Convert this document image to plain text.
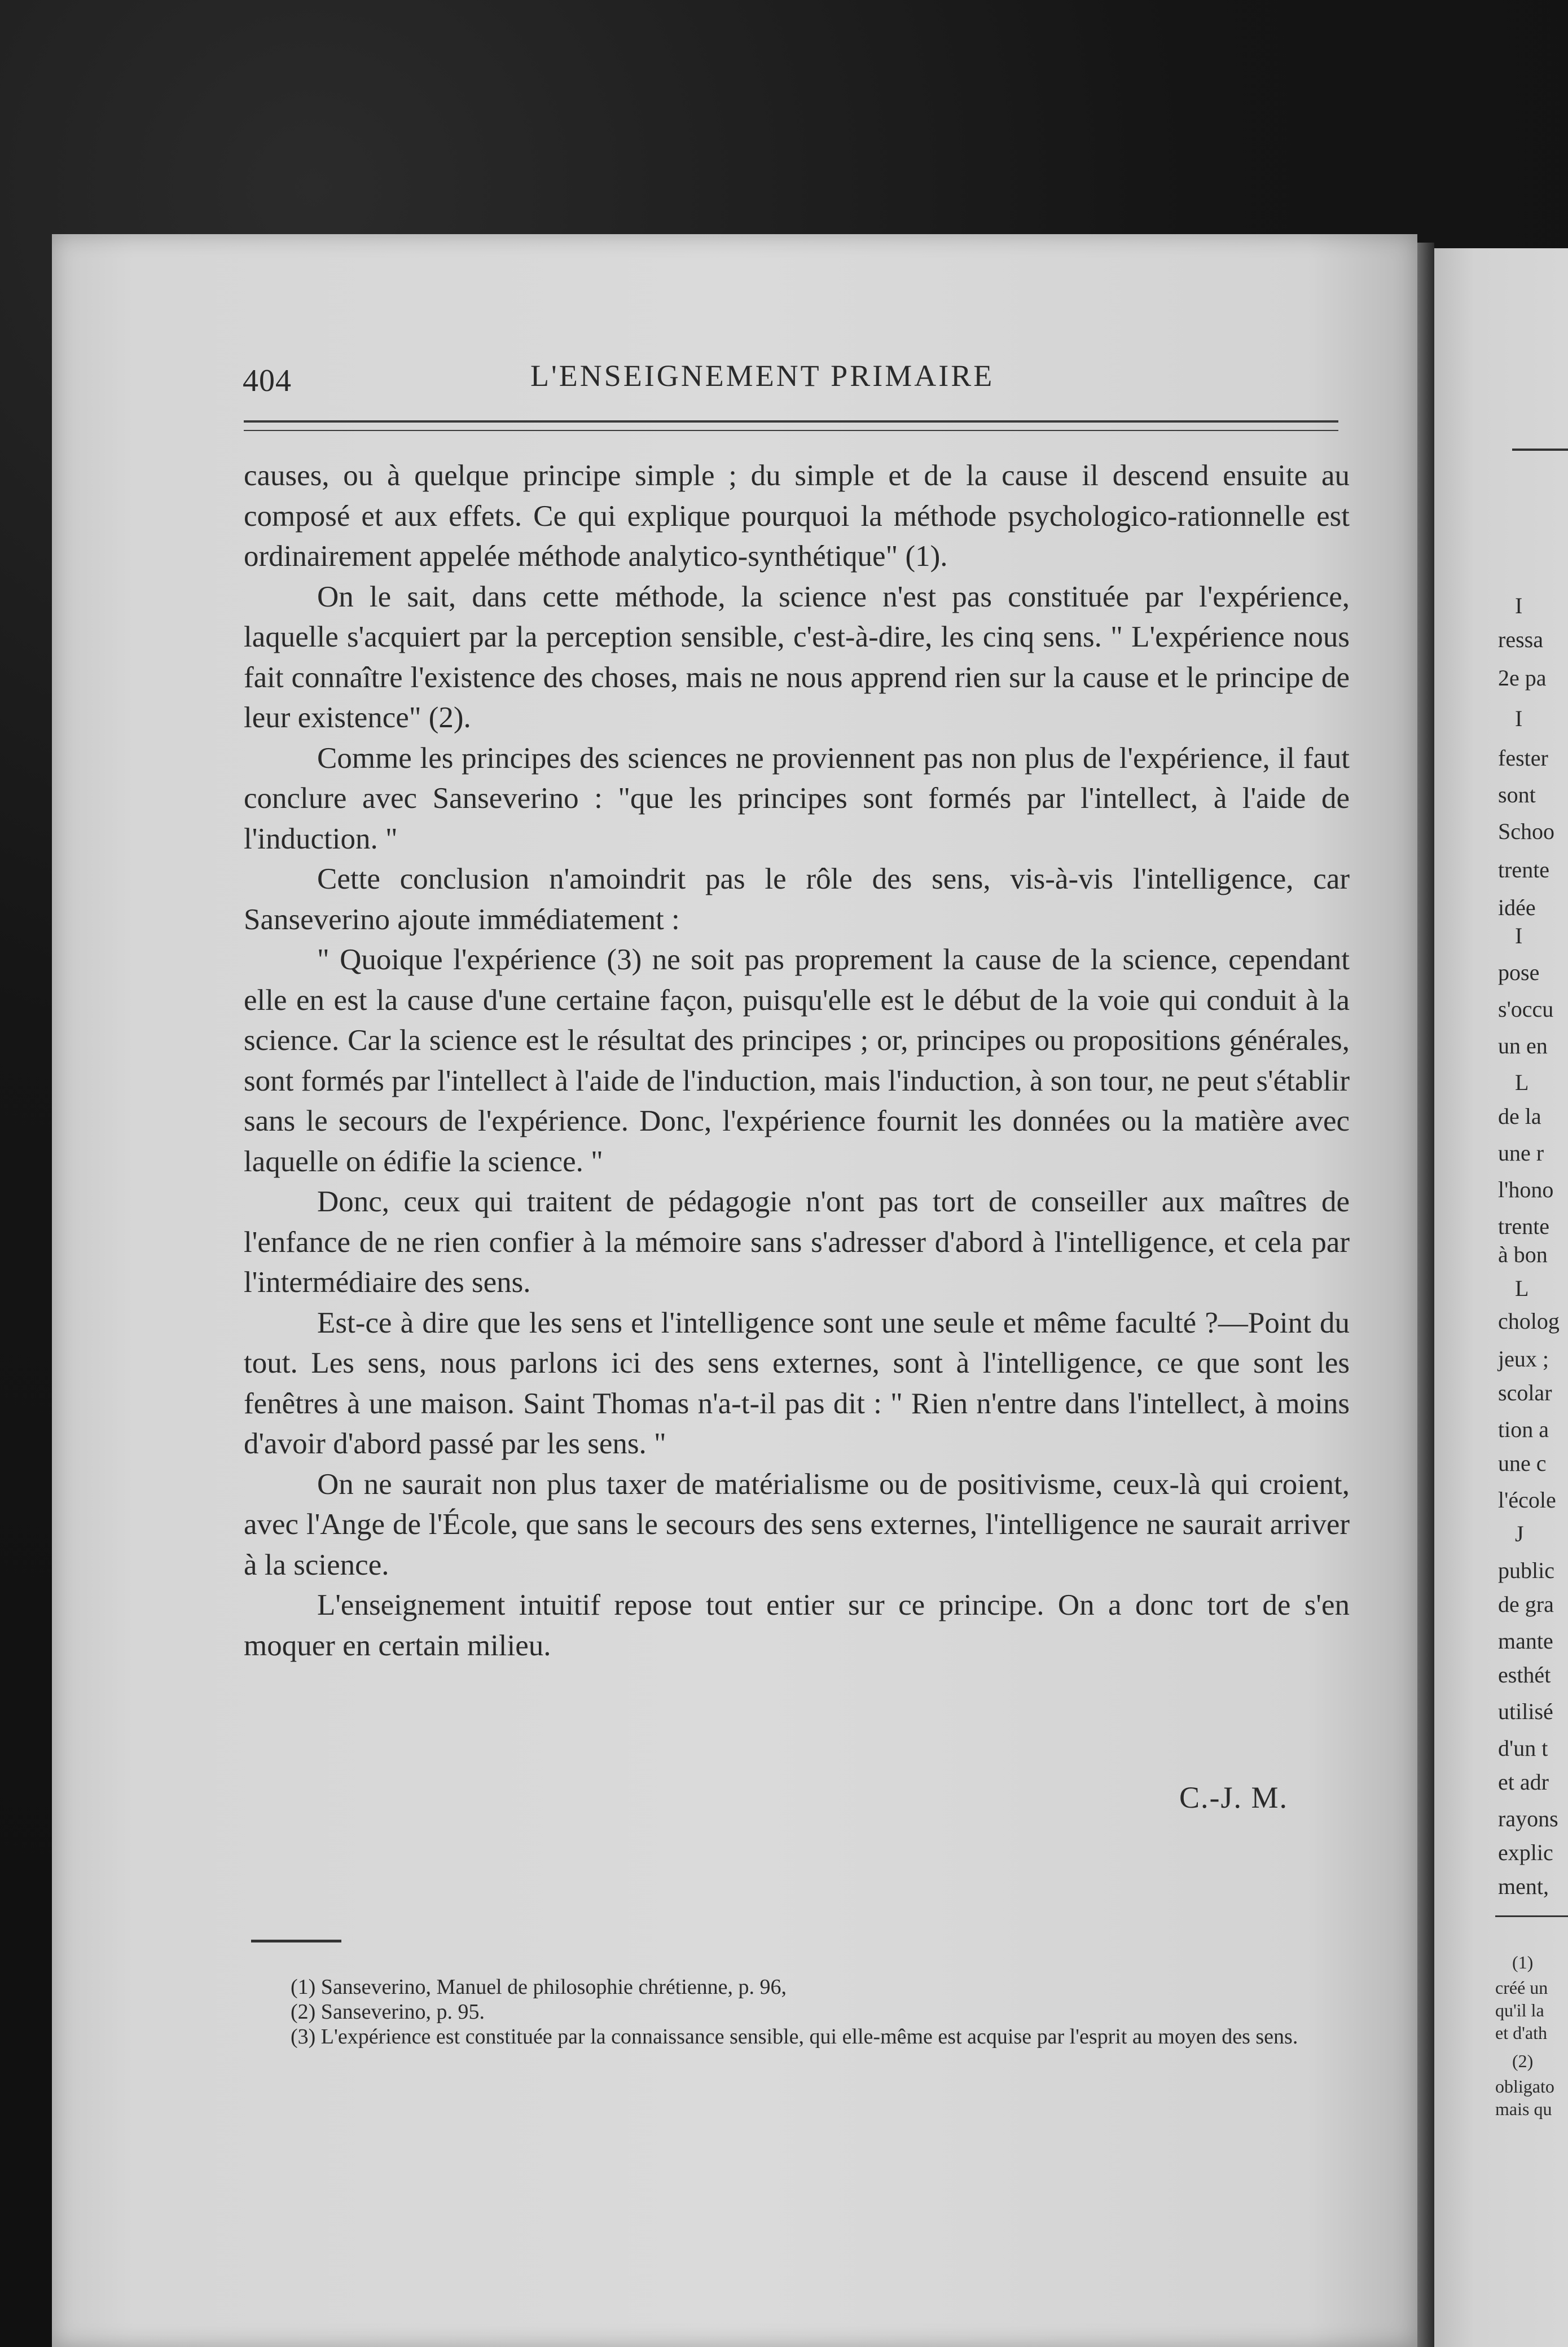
404	L'ENSEIGNEMENT PRIMAIRE

causes, ou à quelque principe simple ; du simple et de la cause il descend ensuite au composé et aux effets. Ce qui explique pourquoi la méthode psychologico-rationnelle est ordinairement appelée méthode analytico-synthétique" (1).

On le sait, dans cette méthode, la science n'est pas constituée par l'expérience, laquelle s'acquiert par la perception sensible, c'est-à-dire, les cinq sens. " L'expérience nous fait connaître l'existence des choses, mais ne nous apprend rien sur la cause et le principe de leur existence" (2).

Comme les principes des sciences ne proviennent pas non plus de l'expérience, il faut conclure avec Sanseverino : "que les principes sont formés par l'intellect, à l'aide de l'induction. "

Cette conclusion n'amoindrit pas le rôle des sens, vis-à-vis l'intelligence, car Sanseverino ajoute immédiatement :

" Quoique l'expérience (3) ne soit pas proprement la cause de la science, cependant elle en est la cause d'une certaine façon, puisqu'elle est le début de la voie qui conduit à la science. Car la science est le résultat des principes ; or, principes ou propositions générales, sont formés par l'intellect à l'aide de l'induction, mais l'induction, à son tour, ne peut s'établir sans le secours de l'expérience. Donc, l'expérience fournit les données ou la matière avec laquelle on édifie la science. "

Donc, ceux qui traitent de pédagogie n'ont pas tort de conseiller aux maîtres de l'enfance de ne rien confier à la mémoire sans s'adresser d'abord à l'intelligence, et cela par l'intermédiaire des sens.

Est-ce à dire que les sens et l'intelligence sont une seule et même faculté ?—Point du tout. Les sens, nous parlons ici des sens externes, sont à l'intelligence, ce que sont les fenêtres à une maison. Saint Thomas n'a-t-il pas dit : " Rien n'entre dans l'intellect, à moins d'avoir d'abord passé par les sens. "

On ne saurait non plus taxer de matérialisme ou de positivisme, ceux-là qui croient, avec l'Ange de l'École, que sans le secours des sens externes, l'intelligence ne saurait arriver à la science.

L'enseignement intuitif repose tout entier sur ce principe. On a donc tort de s'en moquer en certain milieu.

C.-J. M.

(1) Sanseverino, Manuel de philosophie chrétienne, p. 96,

(2) Sanseverino, p. 95.

(3) L'expérience est constituée par la connaissance sensible, qui elle-même est acquise par l'esprit au moyen des sens.

I
ressa
2e pa
I
fester
sont
Schoo
trente
idée
I
pose
s'occu
un en
L
de la
une r
l'hono
trente
à bon
L
cholog
jeux ;
scolar
tion a
une c
l'école
J
public
de gra
mante
esthét
utilisé
d'un t
et adr
rayons
explic
ment,
(1)
créé un
qu'il la
et d'ath
(2)
obligato
mais qu
